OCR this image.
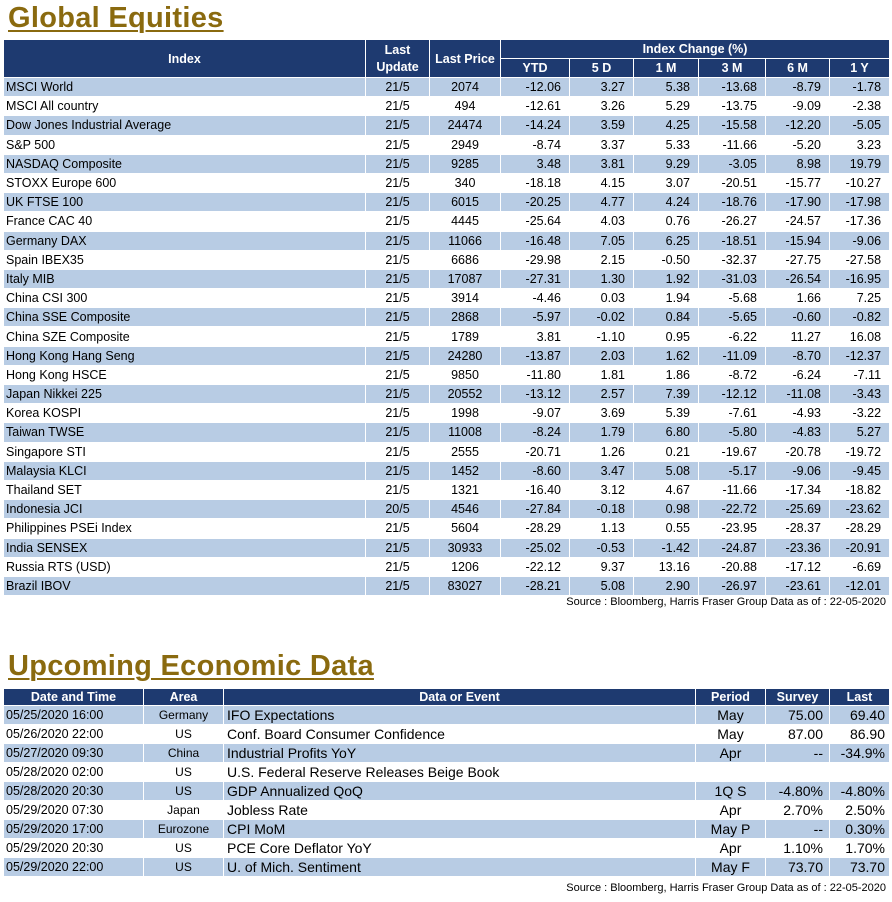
Global Equities
Index	Last Update	Last Price	Index Change (%)					
			YTD	5 D	1 M	3 M	6 M	1 Y
MSCI World	21/5	2074	-12.06	3.27	5.38	-13.68	-8.79	-1.78
MSCI All country	21/5	494	-12.61	3.26	5.29	-13.75	-9.09	-2.38
Dow Jones Industrial Average	21/5	24474	-14.24	3.59	4.25	-15.58	-12.20	-5.05
S&P 500	21/5	2949	-8.74	3.37	5.33	-11.66	-5.20	3.23
NASDAQ Composite	21/5	9285	3.48	3.81	9.29	-3.05	8.98	19.79
STOXX Europe 600	21/5	340	-18.18	4.15	3.07	-20.51	-15.77	-10.27
UK FTSE 100	21/5	6015	-20.25	4.77	4.24	-18.76	-17.90	-17.98
France CAC 40	21/5	4445	-25.64	4.03	0.76	-26.27	-24.57	-17.36
Germany DAX	21/5	11066	-16.48	7.05	6.25	-18.51	-15.94	-9.06
Spain IBEX35	21/5	6686	-29.98	2.15	-0.50	-32.37	-27.75	-27.58
Italy MIB	21/5	17087	-27.31	1.30	1.92	-31.03	-26.54	-16.95
China CSI 300	21/5	3914	-4.46	0.03	1.94	-5.68	1.66	7.25
China SSE Composite	21/5	2868	-5.97	-0.02	0.84	-5.65	-0.60	-0.82
China SZE Composite	21/5	1789	3.81	-1.10	0.95	-6.22	11.27	16.08
Hong Kong Hang Seng	21/5	24280	-13.87	2.03	1.62	-11.09	-8.70	-12.37
Hong Kong HSCE	21/5	9850	-11.80	1.81	1.86	-8.72	-6.24	-7.11
Japan Nikkei 225	21/5	20552	-13.12	2.57	7.39	-12.12	-11.08	-3.43
Korea KOSPI	21/5	1998	-9.07	3.69	5.39	-7.61	-4.93	-3.22
Taiwan TWSE	21/5	11008	-8.24	1.79	6.80	-5.80	-4.83	5.27
Singapore STI	21/5	2555	-20.71	1.26	0.21	-19.67	-20.78	-19.72
Malaysia KLCI	21/5	1452	-8.60	3.47	5.08	-5.17	-9.06	-9.45
Thailand SET	21/5	1321	-16.40	3.12	4.67	-11.66	-17.34	-18.82
Indonesia JCI	20/5	4546	-27.84	-0.18	0.98	-22.72	-25.69	-23.62
Philippines PSEi Index	21/5	5604	-28.29	1.13	0.55	-23.95	-28.37	-28.29
India SENSEX	21/5	30933	-25.02	-0.53	-1.42	-24.87	-23.36	-20.91
Russia RTS (USD)	21/5	1206	-22.12	9.37	13.16	-20.88	-17.12	-6.69
Brazil IBOV	21/5	83027	-28.21	5.08	2.90	-26.97	-23.61	-12.01
Source : Bloomberg, Harris Fraser Group Data as of : 22-05-2020
Upcoming Economic Data
Date and Time	Area	Data or Event	Period	Survey	Last
05/25/2020 16:00	Germany	IFO Expectations	May	75.00	69.40
05/26/2020 22:00	US	Conf. Board Consumer Confidence	May	87.00	86.90
05/27/2020 09:30	China	Industrial Profits YoY	Apr	--	-34.9%
05/28/2020 02:00	US	U.S. Federal Reserve Releases Beige Book			
05/28/2020 20:30	US	GDP Annualized QoQ	1Q S	-4.80%	-4.80%
05/29/2020 07:30	Japan	Jobless Rate	Apr	2.70%	2.50%
05/29/2020 17:00	Eurozone	CPI MoM	May P	--	0.30%
05/29/2020 20:30	US	PCE Core Deflator YoY	Apr	1.10%	1.70%
05/29/2020 22:00	US	U. of Mich. Sentiment	May F	73.70	73.70
Source : Bloomberg, Harris Fraser Group Data as of : 22-05-2020
